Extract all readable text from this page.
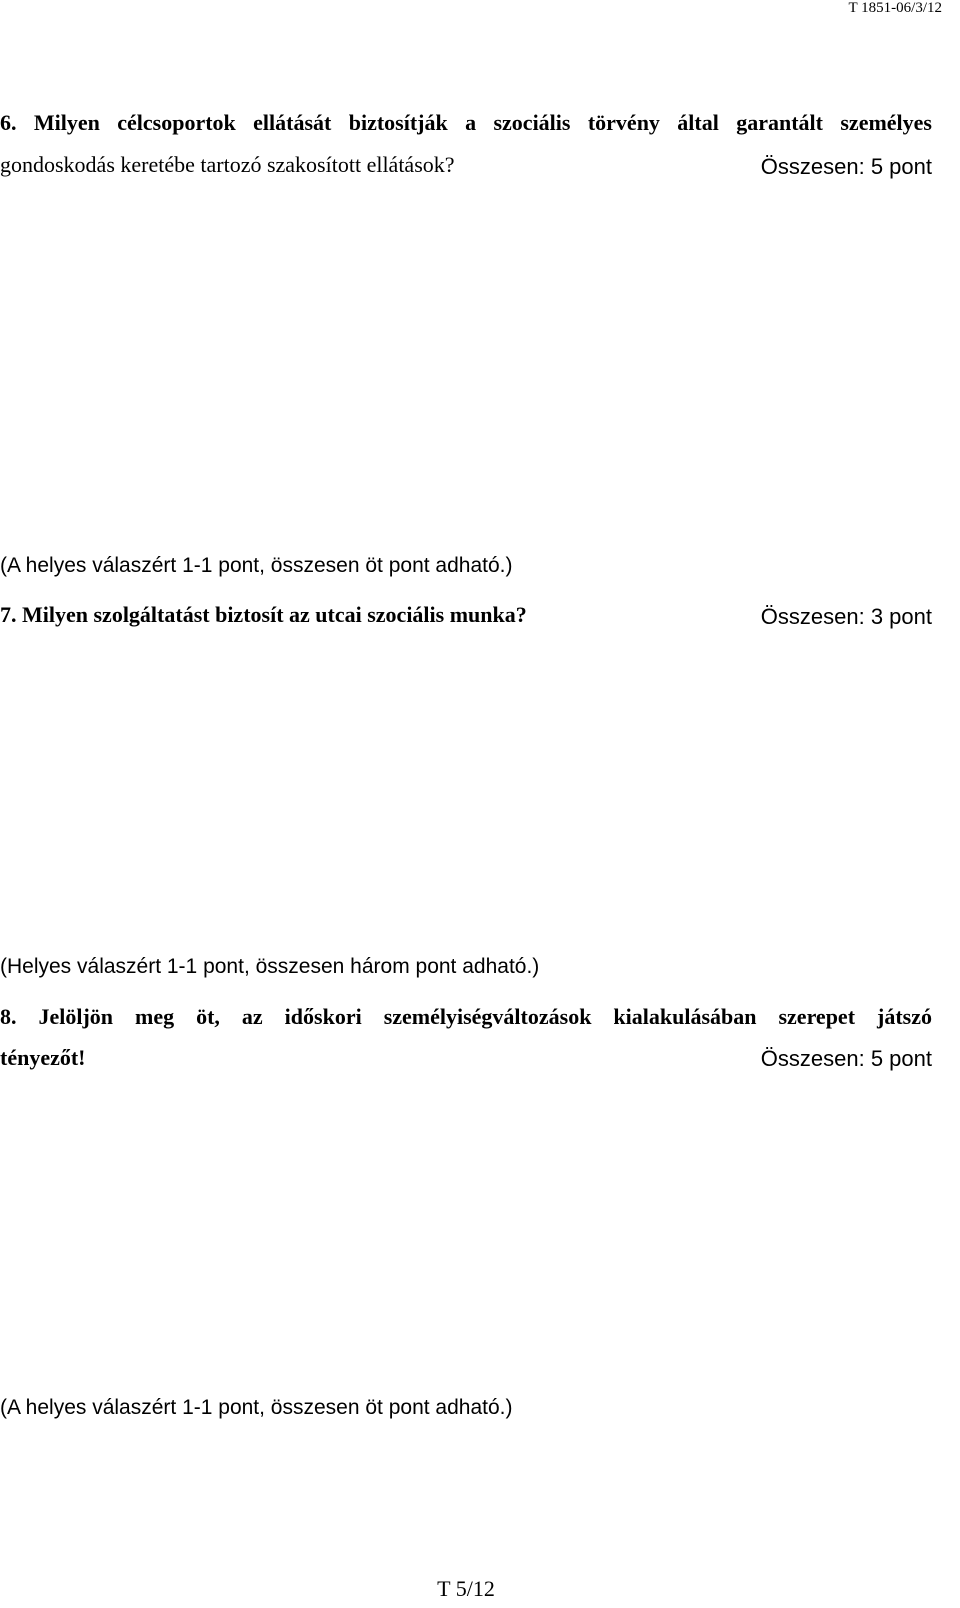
T 1851-06/3/12
6. Milyen célcsoportok ellátását biztosítják a szociális törvény által garantált személyes
gondoskodás keretébe tartozó szakosított ellátások?	Összesen: 5 pont
(A helyes válaszért 1-1 pont, összesen öt pont adható.)
7. Milyen szolgáltatást biztosít az utcai szociális munka?	Összesen: 3 pont
(Helyes válaszért 1-1 pont, összesen három pont adható.)
8. Jelöljön meg öt, az időskori személyiségváltozások kialakulásában szerepet játszó
tényezőt!	Összesen: 5 pont
(A helyes válaszért 1-1 pont, összesen öt pont adható.)
T 5/12
